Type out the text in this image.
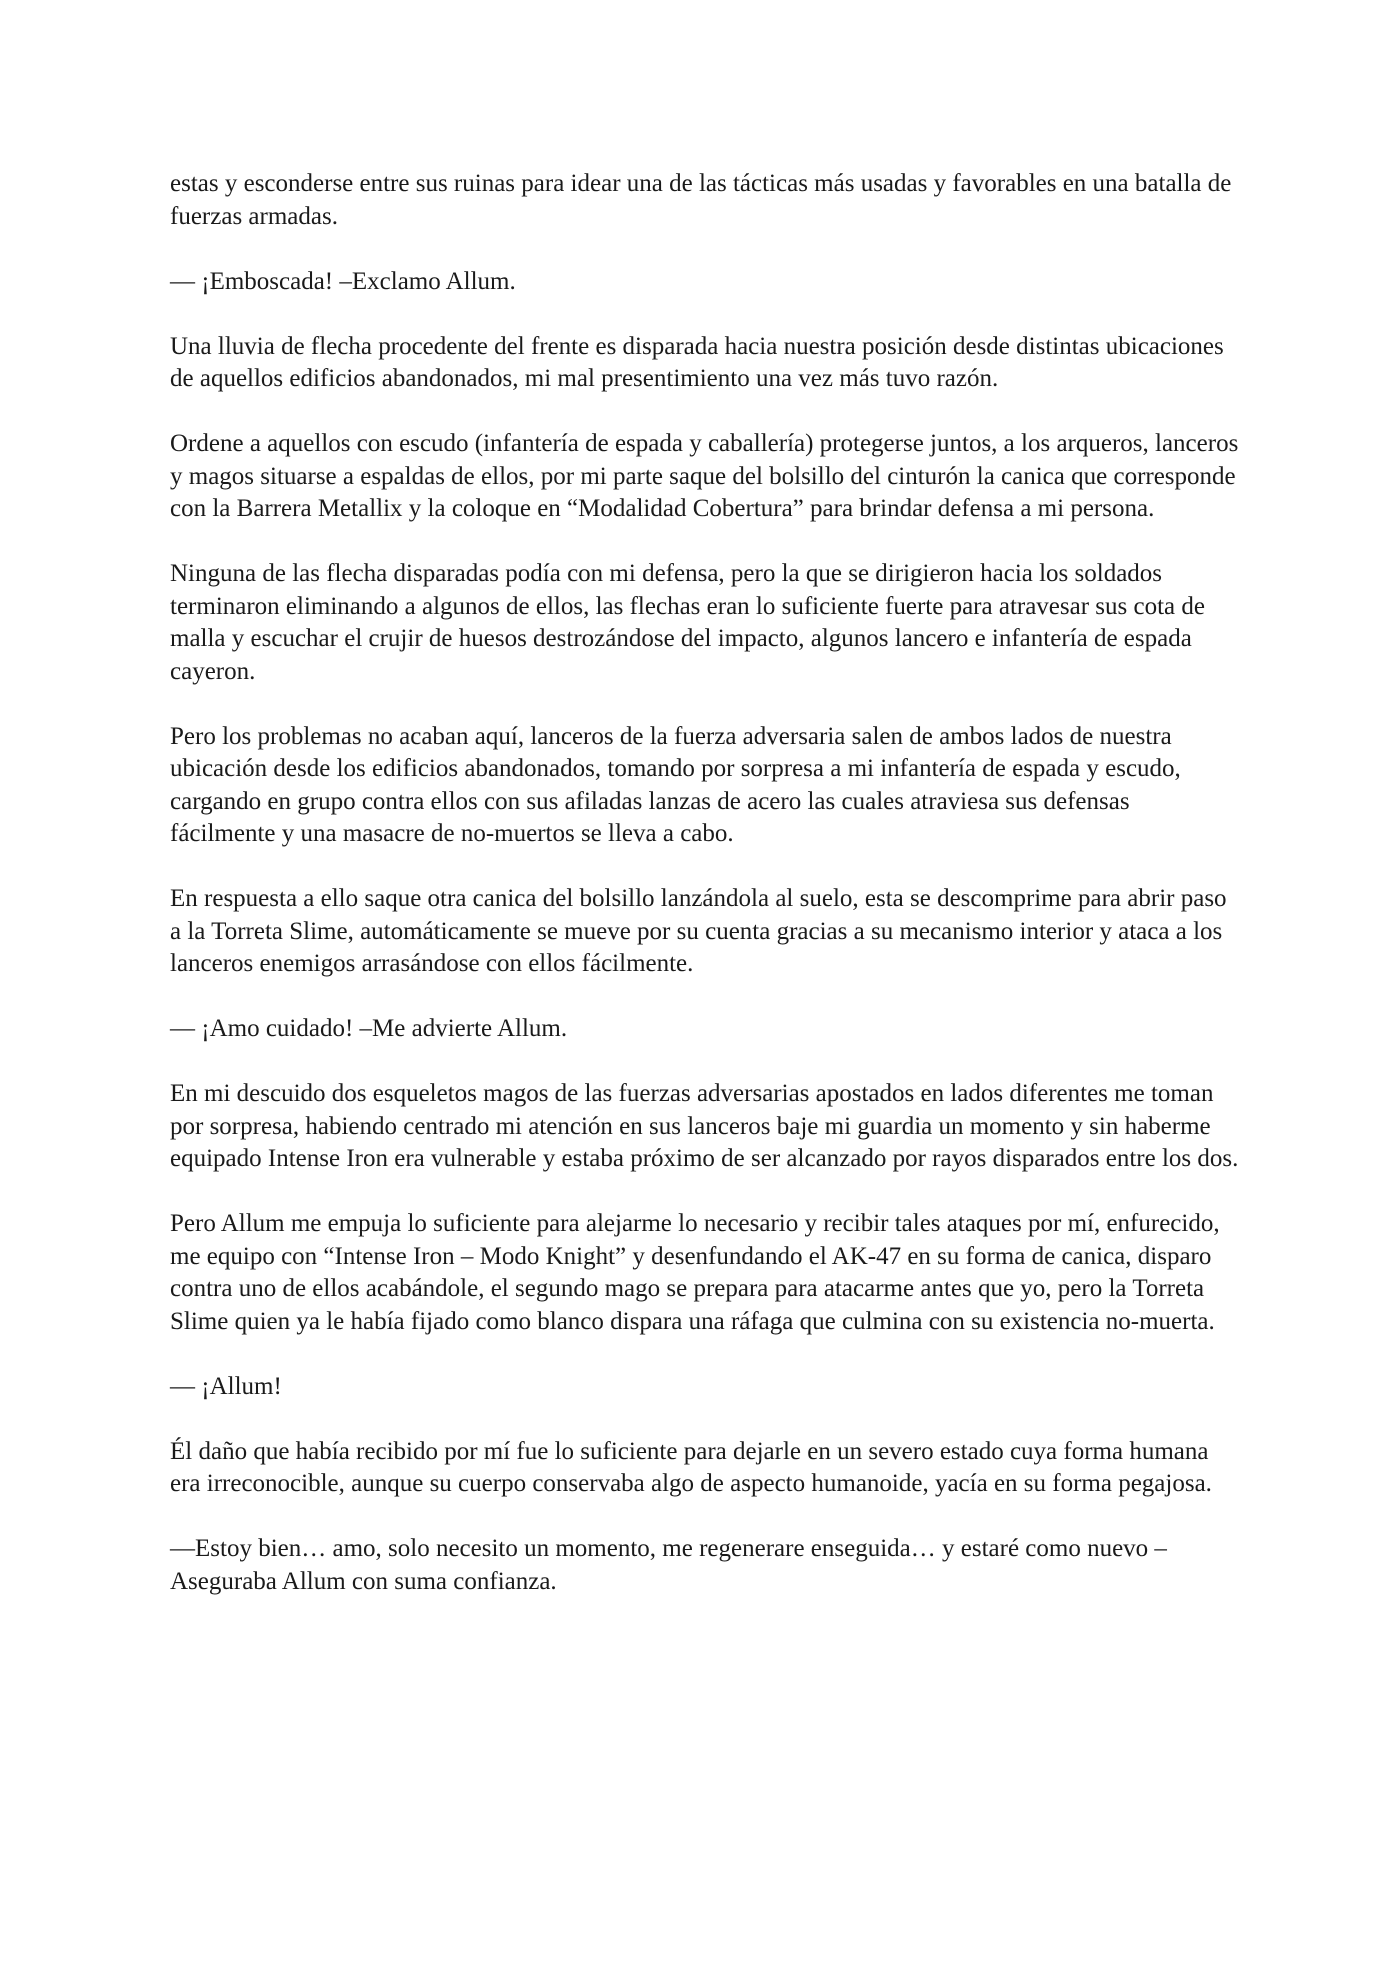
estas y esconderse entre sus ruinas para idear una de las tácticas más usadas y favorables en una batalla de fuerzas armadas.

— ¡Emboscada! –Exclamo Allum.

Una lluvia de flecha procedente del frente es disparada hacia nuestra posición desde distintas ubicaciones de aquellos edificios abandonados, mi mal presentimiento una vez más tuvo razón.

Ordene a aquellos con escudo (infantería de espada y caballería) protegerse juntos, a los arqueros, lanceros y magos situarse a espaldas de ellos, por mi parte saque del bolsillo del cinturón la canica que corresponde con la Barrera Metallix y la coloque en “Modalidad Cobertura” para brindar defensa a mi persona.

Ninguna de las flecha disparadas podía con mi defensa, pero la que se dirigieron hacia los soldados terminaron eliminando a algunos de ellos, las flechas eran lo suficiente fuerte para atravesar sus cota de malla y escuchar el crujir de huesos destrozándose del impacto, algunos lancero e infantería de espada cayeron.

Pero los problemas no acaban aquí, lanceros de la fuerza adversaria salen de ambos lados de nuestra ubicación desde los edificios abandonados, tomando por sorpresa a mi infantería de espada y escudo, cargando en grupo contra ellos con sus afiladas lanzas de acero las cuales atraviesa sus defensas fácilmente y una masacre de no-muertos se lleva a cabo.

En respuesta a ello saque otra canica del bolsillo lanzándola al suelo, esta se descomprime para abrir paso a la Torreta Slime, automáticamente se mueve por su cuenta gracias a su mecanismo interior y ataca a los lanceros enemigos arrasándose con ellos fácilmente.

— ¡Amo cuidado! –Me advierte Allum.

En mi descuido dos esqueletos magos de las fuerzas adversarias apostados en lados diferentes me toman por sorpresa, habiendo centrado mi atención en sus lanceros baje mi guardia un momento y sin haberme equipado Intense Iron era vulnerable y estaba próximo de ser alcanzado por rayos disparados entre los dos.

Pero Allum me empuja lo suficiente para alejarme lo necesario y recibir tales ataques por mí, enfurecido, me equipo con “Intense Iron – Modo Knight” y desenfundando el AK-47 en su forma de canica, disparo contra uno de ellos acabándole, el segundo mago se prepara para atacarme antes que yo, pero la Torreta Slime quien ya le había fijado como blanco dispara una ráfaga que culmina con su existencia no-muerta.

— ¡Allum!

Él daño que había recibido por mí fue lo suficiente para dejarle en un severo estado cuya forma humana era irreconocible, aunque su cuerpo conservaba algo de aspecto humanoide, yacía en su forma pegajosa.

—Estoy bien… amo, solo necesito un momento, me regenerare enseguida… y estaré como nuevo –Aseguraba Allum con suma confianza.
